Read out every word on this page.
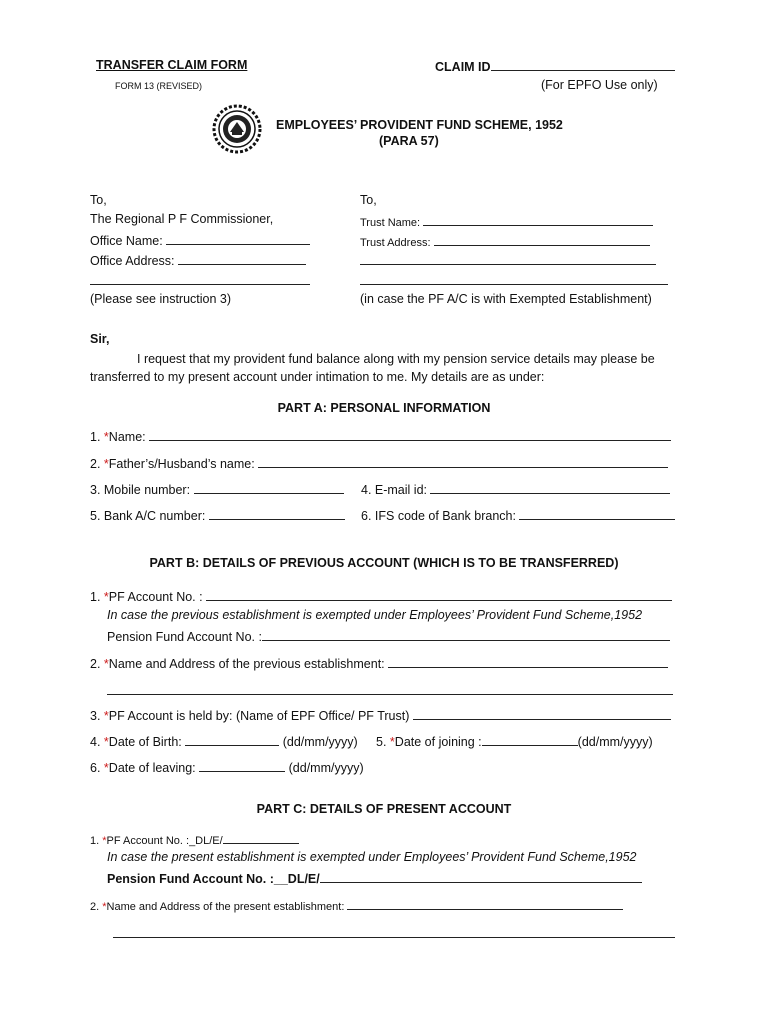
TRANSFER CLAIM FORM
FORM 13 (REVISED)
CLAIM ID
(For EPFO Use only)
EMPLOYEES’ PROVIDENT FUND SCHEME, 1952
(PARA 57)
To,
The Regional P F Commissioner,
Office Name:
Office Address:
(Please see instruction 3)
To,
Trust Name:
Trust Address:
(in case the PF A/C is with Exempted Establishment)
Sir,
I request that my provident fund balance along with my pension service details may please be
transferred to my present account under intimation to me. My details are as under:
PART A: PERSONAL INFORMATION
1. *Name:
2. *Father’s/Husband’s name:
3. Mobile number:	4. E-mail id:
5. Bank A/C number:	6. IFS code of Bank branch:
PART B: DETAILS OF PREVIOUS ACCOUNT (WHICH IS TO BE TRANSFERRED)
1. *PF Account No. :
In case the previous establishment is exempted under Employees’ Provident Fund Scheme,1952
Pension Fund Account No. :
2. *Name and Address of the previous establishment:
3. *PF Account is held by: (Name of EPF Office/ PF Trust)
4. *Date of Birth:	(dd/mm/yyyy) 5. *Date of joining :	(dd/mm/yyyy)
6. *Date of leaving:	(dd/mm/yyyy)
PART C: DETAILS OF PRESENT ACCOUNT
1. *PF Account No. :_DL/E/
In case the present establishment is exempted under Employees’ Provident Fund Scheme,1952
Pension Fund Account No. :__DL/E/
2. *Name and Address of the present establishment:
